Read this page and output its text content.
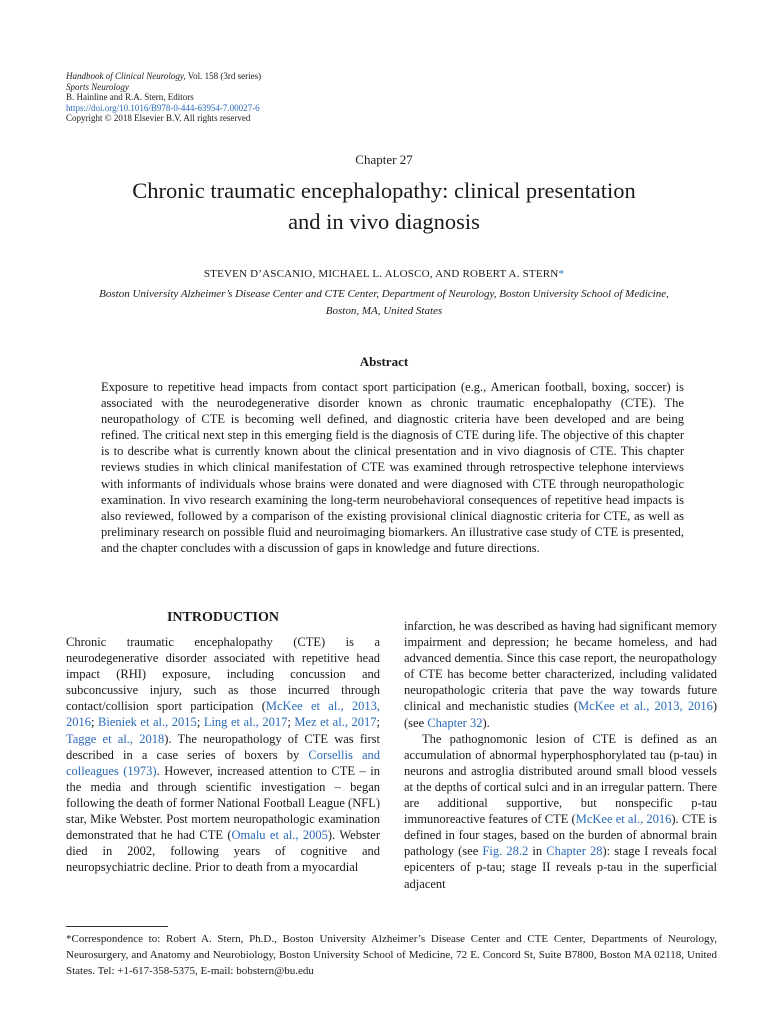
Handbook of Clinical Neurology, Vol. 158 (3rd series)
Sports Neurology
B. Hainline and R.A. Stern, Editors
https://doi.org/10.1016/B978-0-444-63954-7.00027-6
Copyright © 2018 Elsevier B.V. All rights reserved
Chapter 27
Chronic traumatic encephalopathy: clinical presentation
and in vivo diagnosis
STEVEN D’ASCANIO, MICHAEL L. ALOSCO, AND ROBERT A. STERN*
Boston University Alzheimer’s Disease Center and CTE Center, Department of Neurology, Boston University School of Medicine,
Boston, MA, United States
Abstract
Exposure to repetitive head impacts from contact sport participation (e.g., American football, boxing, soccer) is associated with the neurodegenerative disorder known as chronic traumatic encephalopathy (CTE). The neuropathology of CTE is becoming well defined, and diagnostic criteria have been developed and are being refined. The critical next step in this emerging field is the diagnosis of CTE during life. The objective of this chapter is to describe what is currently known about the clinical presentation and in vivo diagnosis of CTE. This chapter reviews studies in which clinical manifestation of CTE was examined through retrospective telephone interviews with informants of individuals whose brains were donated and were diagnosed with CTE through neuropathologic examination. In vivo research examining the long-term neurobehavioral consequences of repetitive head impacts is also reviewed, followed by a comparison of the existing provisional clinical diagnostic criteria for CTE, as well as preliminary research on possible fluid and neuroimaging biomarkers. An illustrative case study of CTE is presented, and the chapter concludes with a discussion of gaps in knowledge and future directions.
INTRODUCTION

Chronic traumatic encephalopathy (CTE) is a neurodegenerative disorder associated with repetitive head impact (RHI) exposure, including concussion and subconcussive injury, such as those incurred through contact/collision sport participation (McKee et al., 2013, 2016; Bieniek et al., 2015; Ling et al., 2017; Mez et al., 2017; Tagge et al., 2018). The neuropathology of CTE was first described in a case series of boxers by Corsellis and colleagues (1973). However, increased attention to CTE – in the media and through scientific investigation – began following the death of former National Football League (NFL) star, Mike Webster. Post mortem neuropathologic examination demonstrated that he had CTE (Omalu et al., 2005). Webster died in 2002, following years of cognitive and neuropsychiatric decline. Prior to death from a myocardial

infarction, he was described as having had significant memory impairment and depression; he became homeless, and had advanced dementia. Since this case report, the neuropathology of CTE has become better characterized, including validated neuropathologic criteria that pave the way towards future clinical and mechanistic studies (McKee et al., 2013, 2016) (see Chapter 32).

The pathognomonic lesion of CTE is defined as an accumulation of abnormal hyperphosphorylated tau (p-tau) in neurons and astroglia distributed around small blood vessels at the depths of cortical sulci and in an irregular pattern. There are additional supportive, but nonspecific p-tau immunoreactive features of CTE (McKee et al., 2016). CTE is defined in four stages, based on the burden of abnormal brain pathology (see Fig. 28.2 in Chapter 28): stage I reveals focal epicenters of p-tau; stage II reveals p-tau in the superficial adjacent

*Correspondence to: Robert A. Stern, Ph.D., Boston University Alzheimer’s Disease Center and CTE Center, Departments of Neurology, Neurosurgery, and Anatomy and Neurobiology, Boston University School of Medicine, 72 E. Concord St, Suite B7800, Boston MA 02118, United States. Tel: +1-617-358-5375, E-mail: bobstern@bu.edu
